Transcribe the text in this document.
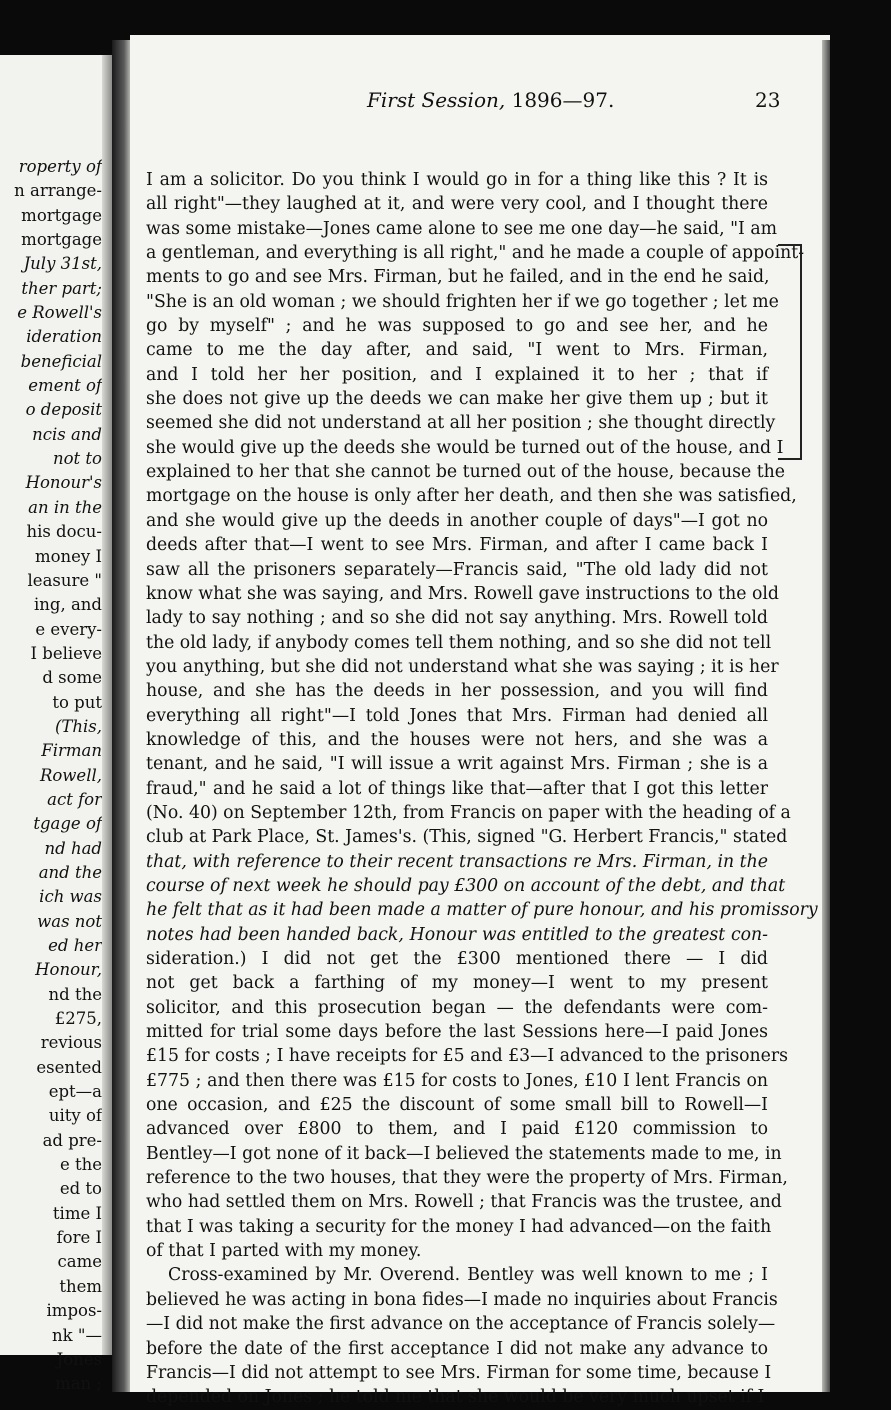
roperty of
n arrange-
mortgage
mortgage
July 31st,
ther part;
e Rowell's
ideration
beneficial
ement of
o deposit
ncis and
not to
Honour's
an in the
his docu-
money I
leasure "
ing, and
e every-
I believe
d some
to put
(This,
Firman
Rowell,
act for
tgage of
nd had
and the
ich was
was not
ed her
Honour,
nd the
£275,
revious
esented
ept—a
uity of
ad pre-
e the
ed to
time I
fore I
came
them
impos-
nk "—
Jones
man ;
First Session, 1896—97.	23
I am a solicitor. Do you think I would go in for a thing like this ? It is
all right"—they laughed at it, and were very cool, and I thought there
was some mistake—Jones came alone to see me one day—he said, "I am
a gentleman, and everything is all right," and he made a couple of appoint-
ments to go and see Mrs. Firman, but he failed, and in the end he said,
"She is an old woman ; we should frighten her if we go together ; let me
go by myself" ; and he was supposed to go and see her, and he
came to me the day after, and said, "I went to Mrs. Firman,
and I told her her position, and I explained it to her ; that if
she does not give up the deeds we can make her give them up ; but it
seemed she did not understand at all her position ; she thought directly
she would give up the deeds she would be turned out of the house, and I
explained to her that she cannot be turned out of the house, because the
mortgage on the house is only after her death, and then she was satisfied,
and she would give up the deeds in another couple of days"—I got no
deeds after that—I went to see Mrs. Firman, and after I came back I
saw all the prisoners separately—Francis said, "The old lady did not
know what she was saying, and Mrs. Rowell gave instructions to the old
lady to say nothing ; and so she did not say anything. Mrs. Rowell told
the old lady, if anybody comes tell them nothing, and so she did not tell
you anything, but she did not understand what she was saying ; it is her
house, and she has the deeds in her possession, and you will find
everything all right"—I told Jones that Mrs. Firman had denied all
knowledge of this, and the houses were not hers, and she was a
tenant, and he said, "I will issue a writ against Mrs. Firman ; she is a
fraud," and he said a lot of things like that—after that I got this letter
(No. 40) on September 12th, from Francis on paper with the heading of a
club at Park Place, St. James's. (This, signed "G. Herbert Francis," stated
that, with reference to their recent transactions re Mrs. Firman, in the
course of next week he should pay £300 on account of the debt, and that
he felt that as it had been made a matter of pure honour, and his promissory
notes had been handed back, Honour was entitled to the greatest con-
sideration.) I did not get the £300 mentioned there — I did
not get back a farthing of my money—I went to my present
solicitor, and this prosecution began — the defendants were com-
mitted for trial some days before the last Sessions here—I paid Jones
£15 for costs ; I have receipts for £5 and £3—I advanced to the prisoners
£775 ; and then there was £15 for costs to Jones, £10 I lent Francis on
one occasion, and £25 the discount of some small bill to Rowell—I
advanced over £800 to them, and I paid £120 commission to
Bentley—I got none of it back—I believed the statements made to me, in
reference to the two houses, that they were the property of Mrs. Firman,
who had settled them on Mrs. Rowell ; that Francis was the trustee, and
that I was taking a security for the money I had advanced—on the faith
of that I parted with my money.
Cross-examined by Mr. Overend. Bentley was well known to me ; I
believed he was acting in bona fides—I made no inquiries about Francis
—I did not make the first advance on the acceptance of Francis solely—
before the date of the first acceptance I did not make any advance to
Francis—I did not attempt to see Mrs. Firman for some time, because I
depended on Jones ; he told me that she would be very much upset if I
